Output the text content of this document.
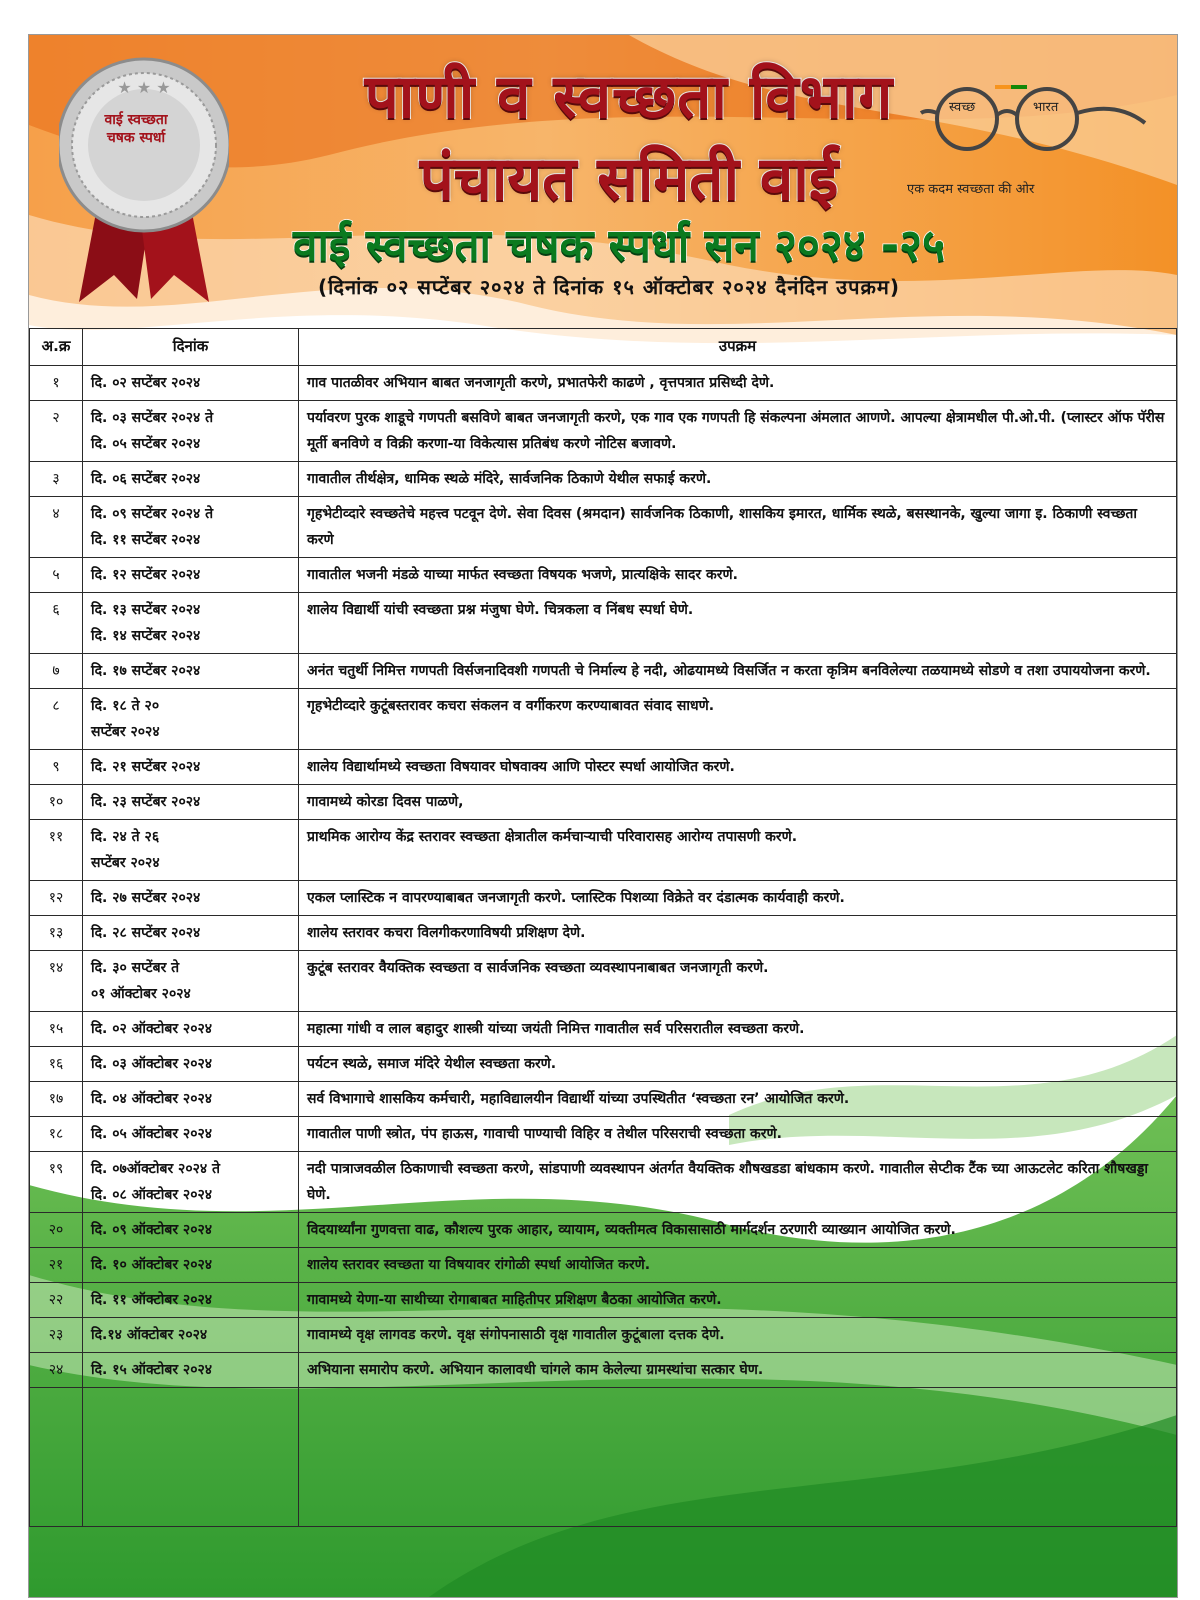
★ ★ ★
वाई स्वच्छता
चषक स्पर्धा
पाणी व स्वच्छता विभाग
पंचायत समिती वाई
वाई स्वच्छता चषक स्पर्धा सन २०२४ -२५
(दिनांक ०२ सप्टेंबर २०२४ ते दिनांक १५ ऑक्टोबर २०२४ दैनंदिन उपक्रम)
स्वच्छ	भारत
एक कदम स्वच्छता की ओर
अ.क्र	दिनांक	उपक्रम
१	दि. ०२ सप्टेंबर २०२४	गाव पातळीवर अभियान बाबत जनजागृती करणे, प्रभातफेरी काढणे , वृत्तपत्रात प्रसिध्दी देणे.
२	दि. ०३ सप्टेंबर २०२४ ते
दि. ०५ सप्टेंबर २०२४	पर्यावरण पुरक शाडूचे गणपती बसविणे बाबत जनजागृती करणे, एक गाव एक गणपती हि संकल्पना अंमलात आणणे. आपल्या क्षेत्रामधील पी.ओ.पी. (प्लास्टर ऑफ पॅरीस मूर्ती बनविणे व विक्री करणा-या विकेत्यास प्रतिबंध करणे नोटिस बजावणे.
३	दि. ०६ सप्टेंबर २०२४	गावातील तीर्थक्षेत्र, धामिक स्थळे मंदिरे, सार्वजनिक ठिकाणे येथील सफाई करणे.
४	दि. ०९ सप्टेंबर २०२४ ते
दि. ११ सप्टेंबर २०२४	गृहभेटीव्दारे स्वच्छतेचे महत्त्व पटवून देणे. सेवा दिवस (श्रमदान) सार्वजनिक ठिकाणी, शासकिय इमारत, धार्मिक स्थळे, बसस्थानके, खुल्या जागा इ. ठिकाणी स्वच्छता करणे
५	दि. १२ सप्टेंबर २०२४	गावातील भजनी मंडळे याच्या मार्फत स्वच्छता विषयक भजणे, प्रात्यक्षिके सादर करणे.
६	दि. १३ सप्टेंबर २०२४
दि. १४ सप्टेंबर २०२४	शालेय विद्यार्थी यांची स्वच्छता प्रश्न मंजुषा घेणे. चित्रकला व निंबध स्पर्धा घेणे.
७	दि. १७ सप्टेंबर २०२४	अनंत चतुर्थी निमित्त गणपती विर्सजनादिवशी गणपती चे निर्माल्य हे नदी, ओढयामध्ये विसर्जित न करता कृत्रिम बनविलेल्या तळयामध्ये सोडणे व तशा उपाययोजना करणे.
८	दि. १८ ते २०
सप्टेंबर २०२४	गृहभेटीव्दारे कुटूंबस्तरावर कचरा संकलन व वर्गीकरण करण्याबावत संवाद साधणे.
९	दि. २१ सप्टेंबर २०२४	शालेय विद्यार्थामध्ये स्वच्छता विषयावर घोषवाक्य आणि पोस्टर स्पर्धा आयोजित करणे.
१०	दि. २३ सप्टेंबर २०२४	गावामध्ये कोरडा दिवस पाळणे,
११	दि. २४ ते २६
सप्टेंबर २०२४	प्राथमिक आरोग्य केंद्र स्तरावर स्वच्छता क्षेत्रातील कर्मचाऱ्याची परिवारासह आरोग्य तपासणी करणे.
१२	दि. २७ सप्टेंबर २०२४	एकल प्लास्टिक न वापरण्याबाबत जनजागृती करणे. प्लास्टिक पिशव्या विक्रेते वर दंडात्मक कार्यवाही करणे.
१३	दि. २८ सप्टेंबर २०२४	शालेय स्तरावर कचरा विलगीकरणाविषयी प्रशिक्षण देणे.
१४	दि. ३० सप्टेंबर ते
०१ ऑक्टोबर २०२४	कुटूंब स्तरावर वैयक्तिक स्वच्छता व सार्वजनिक स्वच्छता व्यवस्थापनाबाबत जनजागृती करणे.
१५	दि. ०२ ऑक्टोबर २०२४	महात्मा गांधी व लाल बहादुर शास्त्री यांच्या जयंती निमित्त गावातील सर्व परिसरातील स्वच्छता करणे.
१६	दि. ०३ ऑक्टोबर २०२४	पर्यटन स्थळे, समाज मंदिरे येथील स्वच्छता करणे.
१७	दि. ०४ ऑक्टोबर २०२४	सर्व विभागाचे शासकिय कर्मचारी, महाविद्यालयीन विद्यार्थी यांच्या उपस्थितीत ‘स्वच्छता रन’ आयोजित करणे.
१८	दि. ०५ ऑक्टोबर २०२४	गावातील पाणी स्त्रोत, पंप हाऊस, गावाची पाण्याची विहिर व तेथील परिसराची स्वच्छता करणे.
१९	दि. ०७ऑक्टोबर २०२४ ते
दि. ०८ ऑक्टोबर २०२४	नदी पात्राजवळील ठिकाणाची स्वच्छता करणे, सांडपाणी व्यवस्थापन अंतर्गत वैयक्तिक शौषखडडा बांधकाम करणे. गावातील सेप्टीक टैंक च्या आऊटलेट करिता शौषखड्डा घेणे.
२०	दि. ०९ ऑक्टोबर २०२४	विदयार्थ्यांना गुणवत्ता वाढ, कौशल्य पुरक आहार, व्यायाम, व्यक्तीमत्व विकासासाठी मार्गदर्शन ठरणारी व्याख्यान आयोजित करणे.
२१	दि. १० ऑक्टोबर २०२४	शालेय स्तरावर स्वच्छता या विषयावर रांगोळी स्पर्धा आयोजित करणे.
२२	दि. ११ ऑक्टोबर २०२४	गावामध्ये येणा-या साथीच्या रोगाबाबत माहितीपर प्रशिक्षण बैठका आयोजित करणे.
२३	दि.१४ ऑक्टोबर २०२४	गावामध्ये वृक्ष लागवड करणे. वृक्ष संगोपनासाठी वृक्ष गावातील कुटूंबाला दत्तक देणे.
२४	दि. १५ ऑक्टोबर २०२४	अभियाना समारोप करणे. अभियान कालावधी चांगले काम केलेल्या ग्रामस्थांचा सत्कार घेण.
